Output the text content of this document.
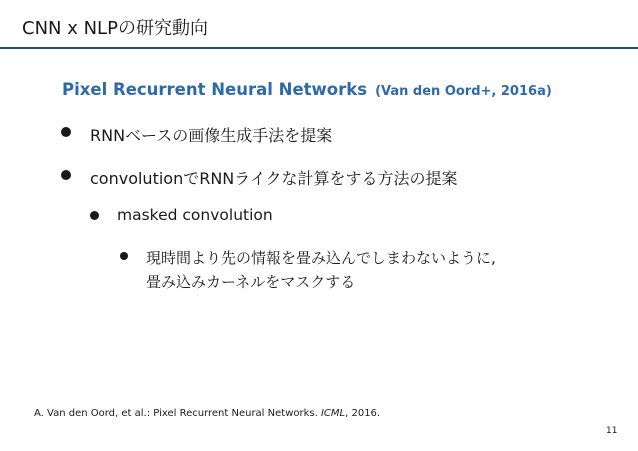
CNN x NLPの研究動向
Pixel Recurrent Neural Networks (Van den Oord+, 2016a)
RNNベースの画像生成手法を提案
convolutionでRNNライクな計算をする方法の提案
masked convolution
現時間より先の情報を畳み込んでしまわないように,
畳み込みカーネルをマスクする
A. Van den Oord, et al.: Pixel Recurrent Neural Networks. ICML, 2016.
11
